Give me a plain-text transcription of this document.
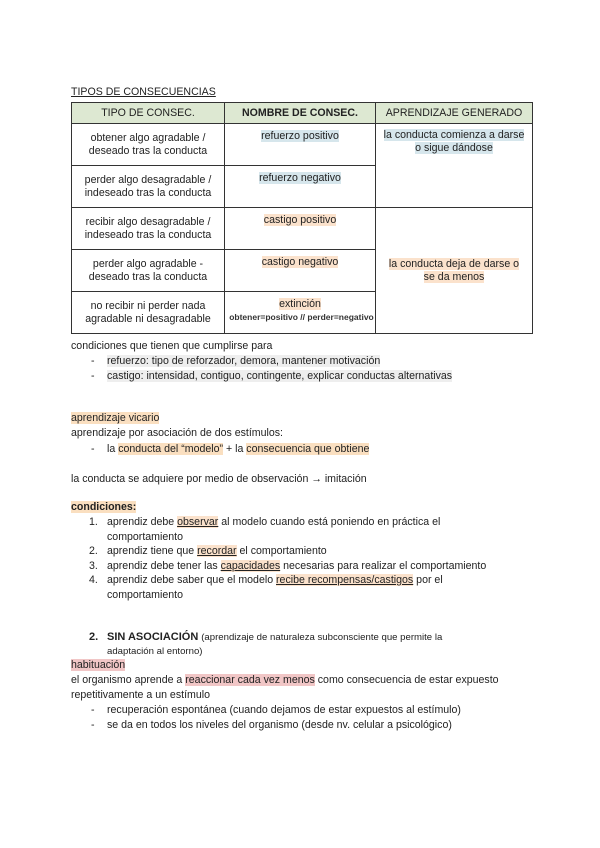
TIPOS DE CONSECUENCIAS
TIPO DE CONSEC.	NOMBRE DE CONSEC.	APRENDIZAJE GENERADO
obtener algo agradable /
deseado tras la conducta	refuerzo positivo	la conducta comienza a darse
o sigue dándose
perder algo desagradable /
indeseado tras la conducta	refuerzo negativo	
recibir algo desagradable /
indeseado tras la conducta	castigo positivo	la conducta deja de darse o
se da menos
perder algo agradable -
deseado tras la conducta	castigo negativo	
no recibir ni perder nada
agradable ni desagradable	extinción	
obtener=positivo // perder=negativo
condiciones que tienen que cumplirse para
- refuerzo: tipo de reforzador, demora, mantener motivación
- castigo: intensidad, contiguo, contingente, explicar conductas alternativas
aprendizaje vicario
aprendizaje por asociación de dos estímulos:
- la conducta del “modelo” + la consecuencia que obtiene
la conducta se adquiere por medio de observación → imitación
condiciones:
1. aprendiz debe observar al modelo cuando está poniendo en práctica el
comportamiento
2. aprendiz tiene que recordar el comportamiento
3. aprendiz debe tener las capacidades necesarias para realizar el comportamiento
4. aprendiz debe saber que el modelo recibe recompensas/castigos por el
comportamiento
2. SIN ASOCIACIÓN (aprendizaje de naturaleza subconsciente que permite la
adaptación al entorno)
habituación
el organismo aprende a reaccionar cada vez menos como consecuencia de estar expuesto
repetitivamente a un estímulo
- recuperación espontánea (cuando dejamos de estar expuestos al estímulo)
- se da en todos los niveles del organismo (desde nv. celular a psicológico)
